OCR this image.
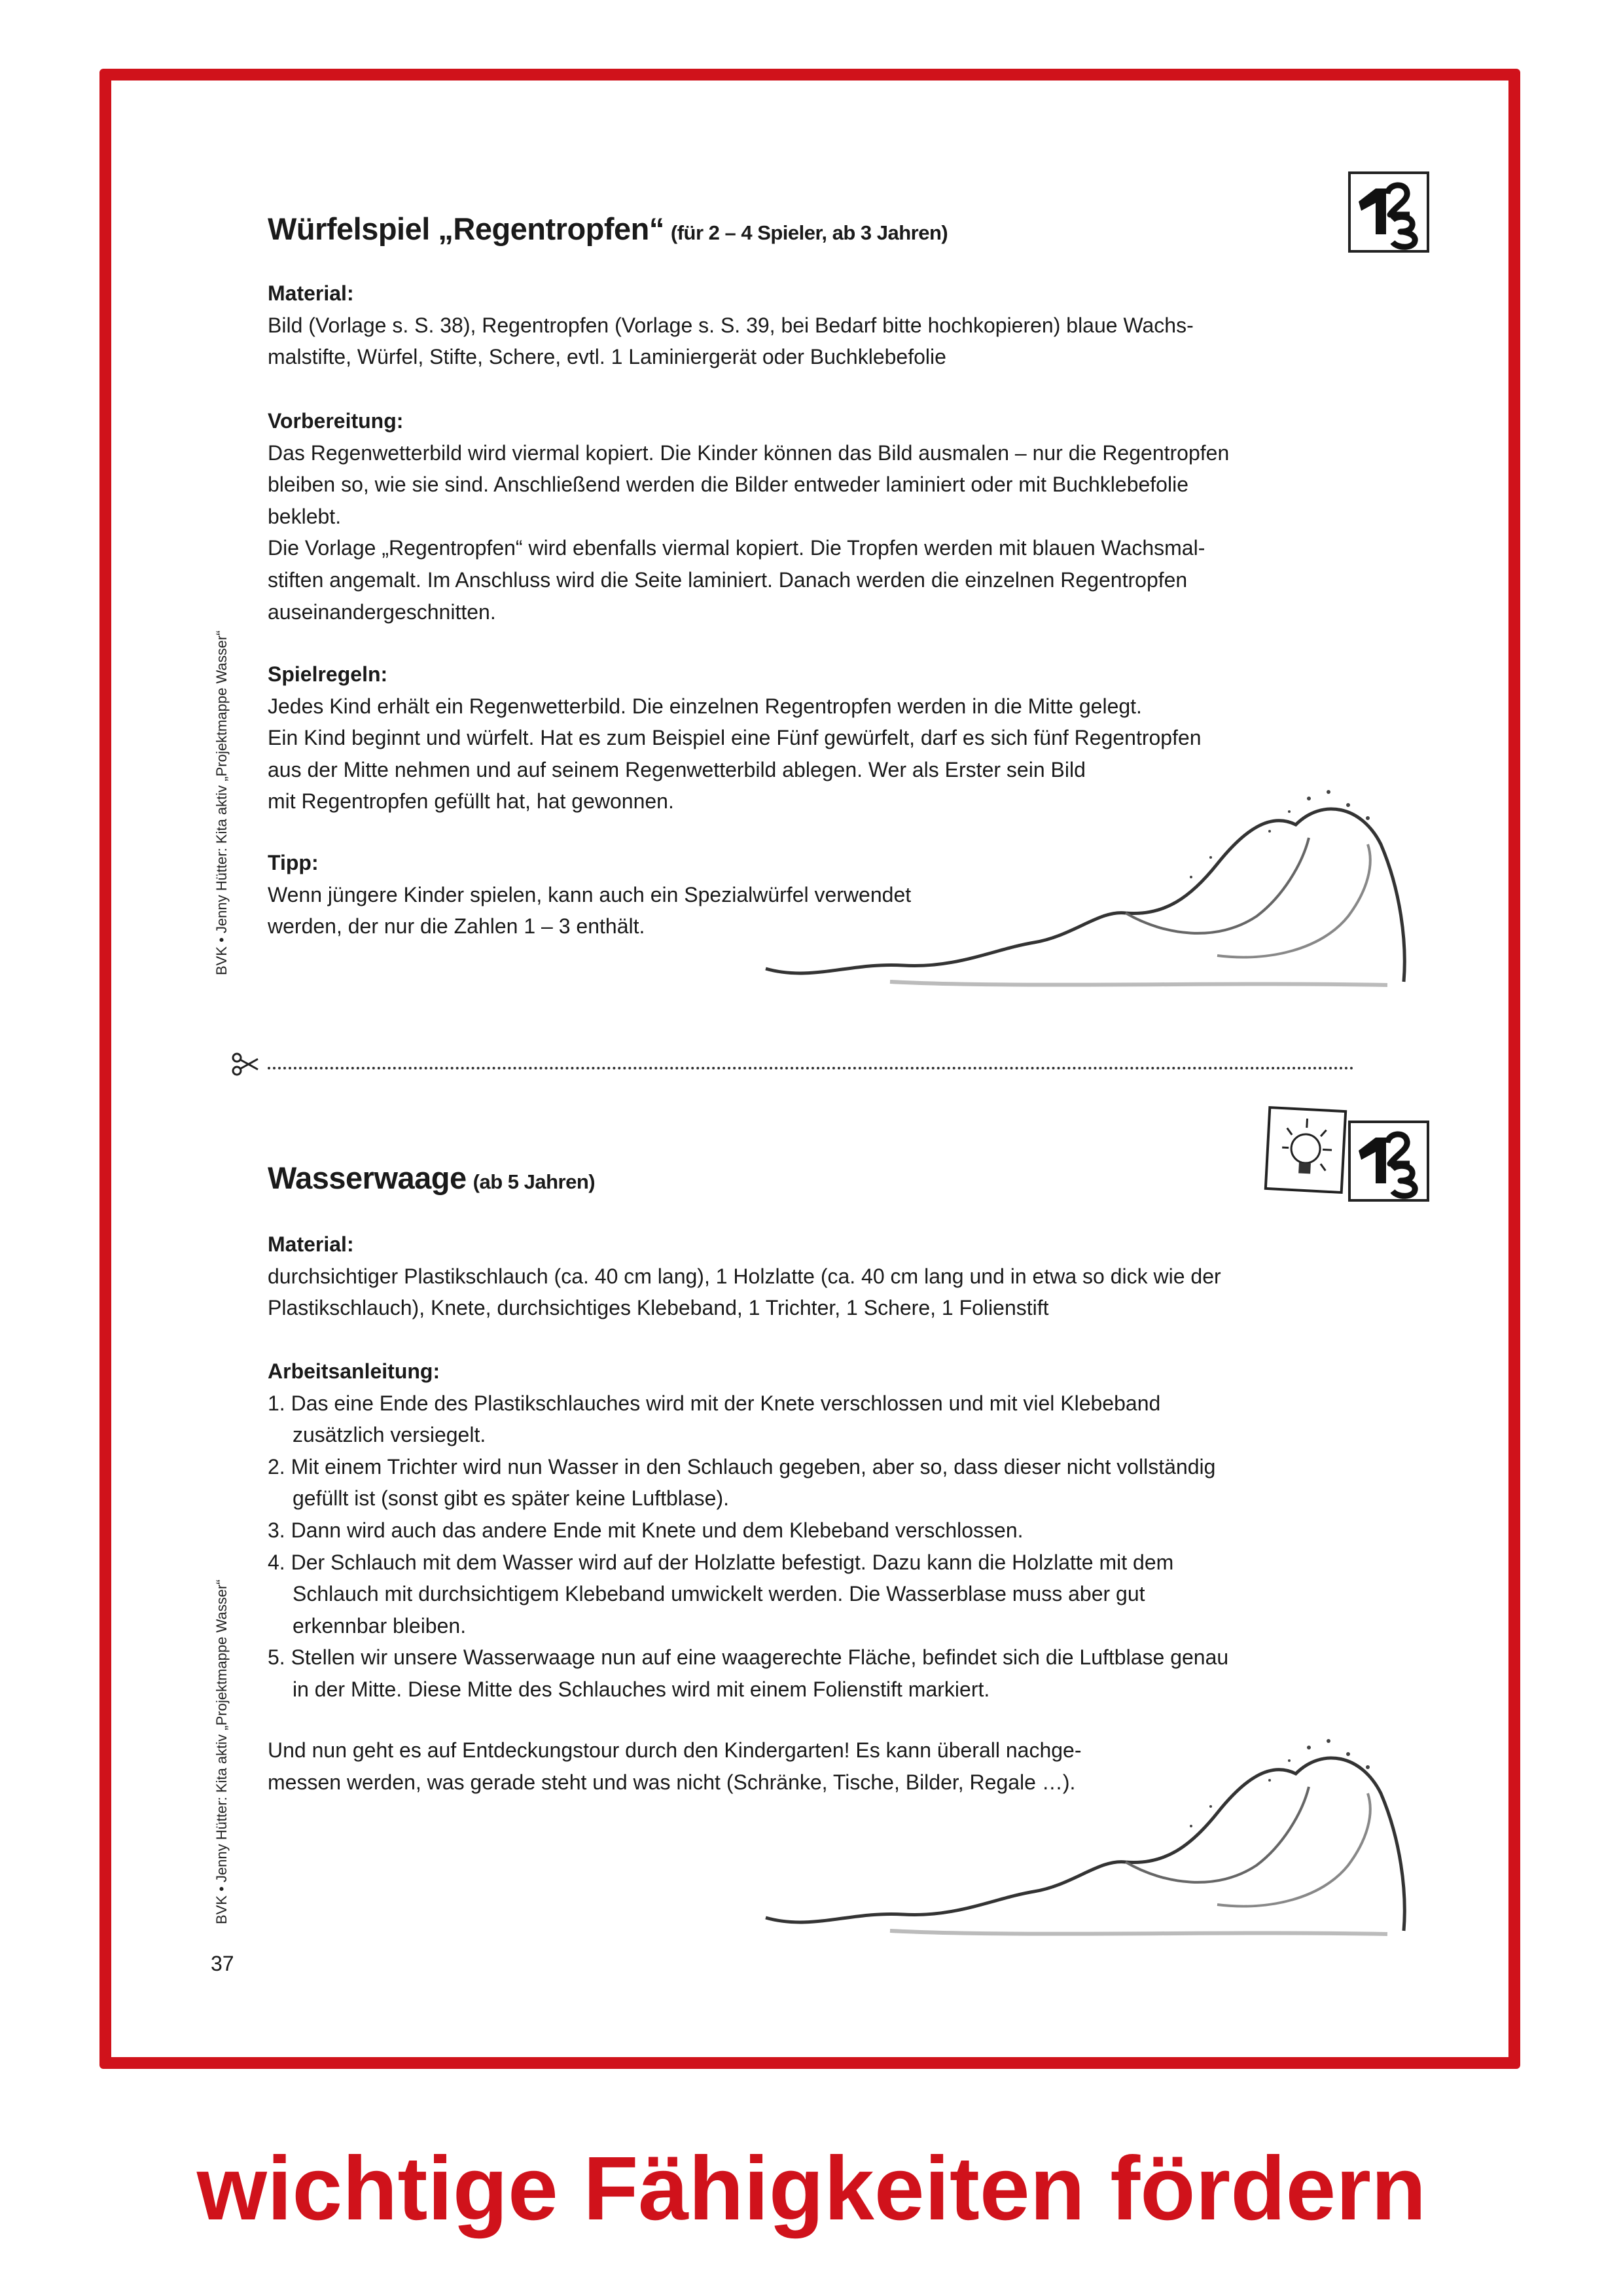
Würfelspiel „Regentropfen“ (für 2 – 4 Spieler, ab 3 Jahren)
Material:
Bild (Vorlage s. S. 38), Regentropfen (Vorlage s. S. 39, bei Bedarf bitte hochkopieren) blaue Wachs-
malstifte, Würfel, Stifte, Schere, evtl. 1 Laminiergerät oder Buchklebefolie
Vorbereitung:
Das Regenwetterbild wird viermal kopiert. Die Kinder können das Bild ausmalen – nur die Regentropfen
bleiben so, wie sie sind. Anschließend werden die Bilder entweder laminiert oder mit Buchklebefolie
beklebt.
Die Vorlage „Regentropfen“ wird ebenfalls viermal kopiert. Die Tropfen werden mit blauen Wachsmal-
stiften angemalt. Im Anschluss wird die Seite laminiert. Danach werden die einzelnen Regentropfen
auseinandergeschnitten.
Spielregeln:
Jedes Kind erhält ein Regenwetterbild. Die einzelnen Regentropfen werden in die Mitte gelegt.
Ein Kind beginnt und würfelt. Hat es zum Beispiel eine Fünf gewürfelt, darf es sich fünf Regentropfen
aus der Mitte nehmen und auf seinem Regenwetterbild ablegen. Wer als Erster sein Bild
mit Regentropfen gefüllt hat, hat gewonnen.
Tipp:
Wenn jüngere Kinder spielen, kann auch ein Spezialwürfel verwendet
werden, der nur die Zahlen 1 – 3 enthält.
BVK • Jenny Hütter: Kita aktiv „Projektmappe Wasser“
Wasserwaage (ab 5 Jahren)
Material:
durchsichtiger Plastikschlauch (ca. 40 cm lang), 1 Holzlatte (ca. 40 cm lang und in etwa so dick wie der
Plastikschlauch), Knete, durchsichtiges Klebeband, 1 Trichter, 1 Schere, 1 Folienstift
Arbeitsanleitung:
1. Das eine Ende des Plastikschlauches wird mit der Knete verschlossen und mit viel Klebeband
zusätzlich versiegelt.
2. Mit einem Trichter wird nun Wasser in den Schlauch gegeben, aber so, dass dieser nicht vollständig
gefüllt ist (sonst gibt es später keine Luftblase).
3. Dann wird auch das andere Ende mit Knete und dem Klebeband verschlossen.
4. Der Schlauch mit dem Wasser wird auf der Holzlatte befestigt. Dazu kann die Holzlatte mit dem
Schlauch mit durchsichtigem Klebeband umwickelt werden. Die Wasserblase muss aber gut
erkennbar bleiben.
5. Stellen wir unsere Wasserwaage nun auf eine waagerechte Fläche, befindet sich die Luftblase genau
in der Mitte. Diese Mitte des Schlauches wird mit einem Folienstift markiert.
Und nun geht es auf Entdeckungstour durch den Kindergarten! Es kann überall nachge-
messen werden, was gerade steht und was nicht (Schränke, Tische, Bilder, Regale …).
BVK • Jenny Hütter: Kita aktiv „Projektmappe Wasser“
37
wichtige Fähigkeiten fördern
